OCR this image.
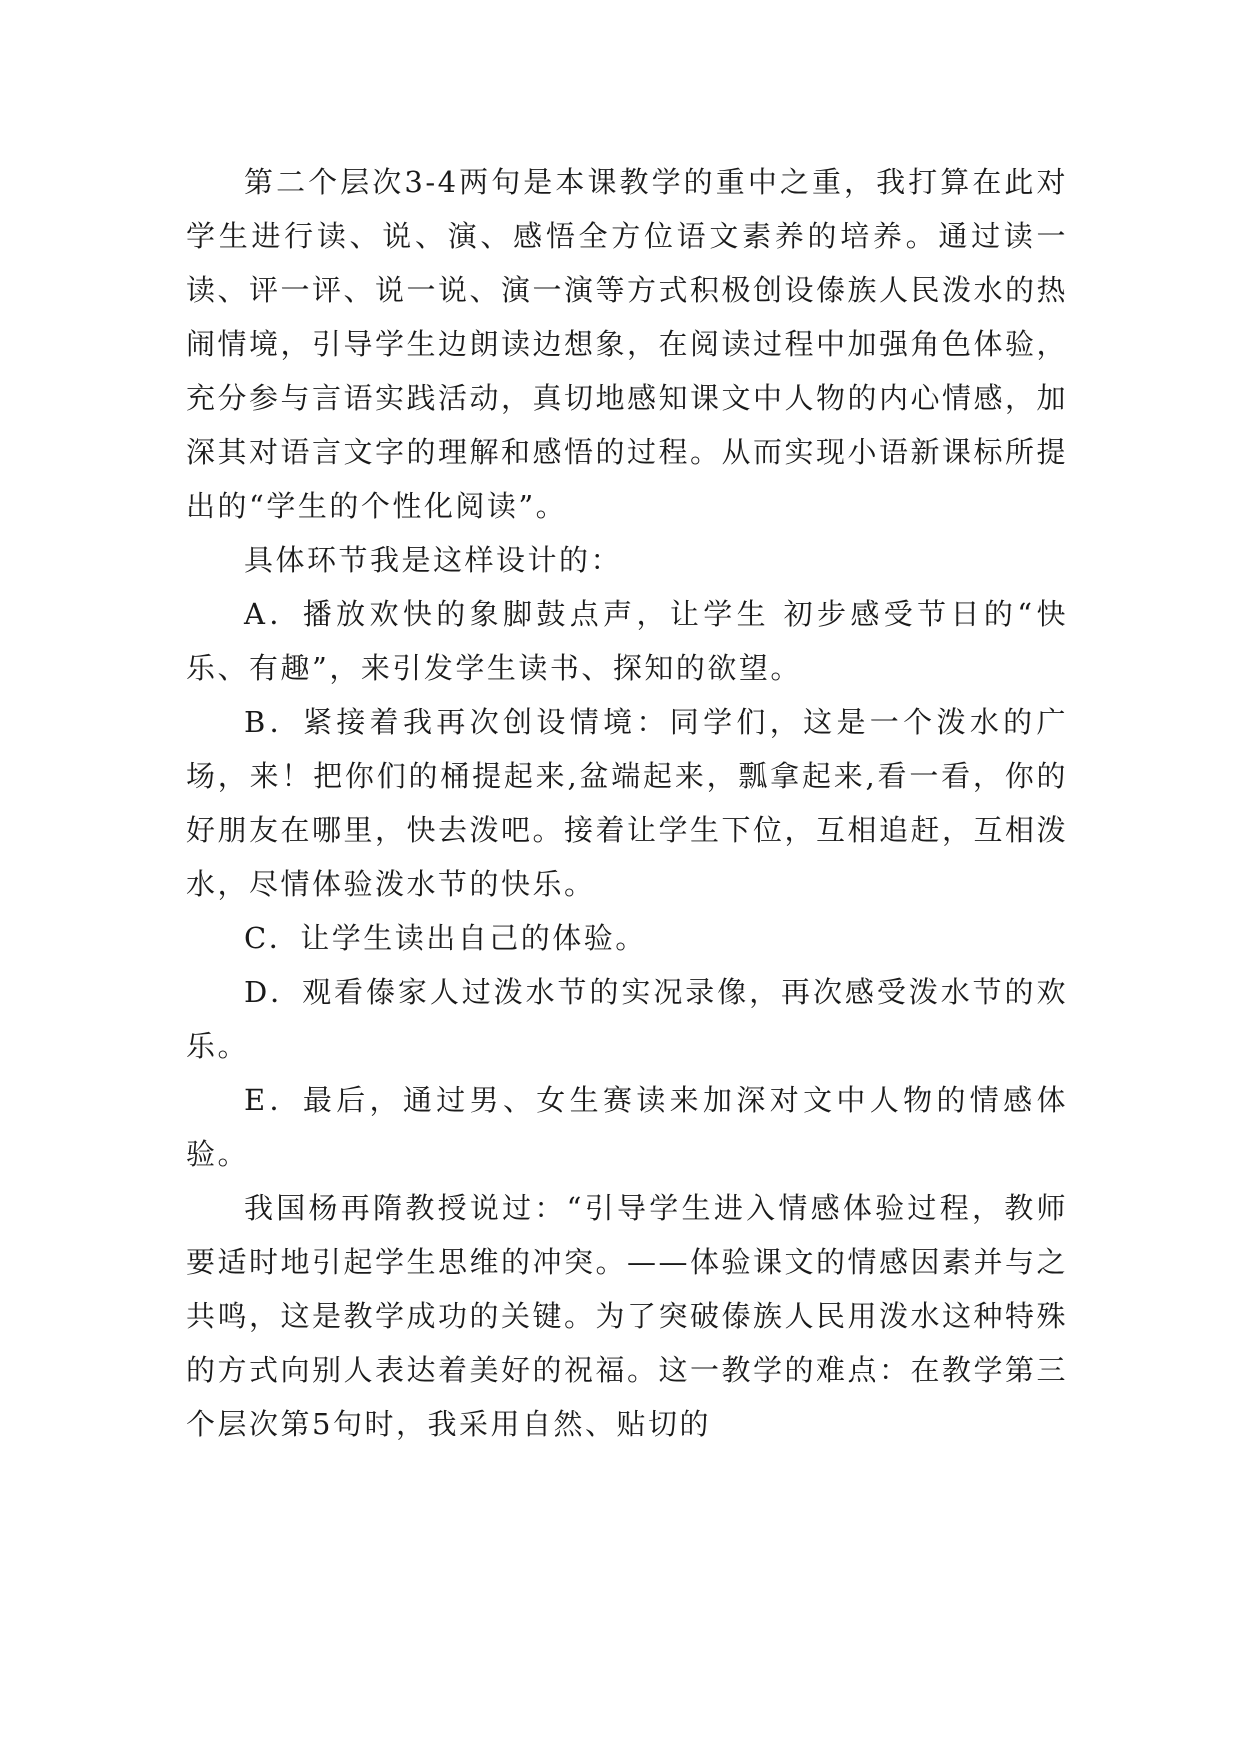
第二个层次3-4两句是本课教学的重中之重，我打算在此对学生进行读、说、演、感悟全方位语文素养的培养。通过读一读、评一评、说一说、演一演等方式积极创设傣族人民泼水的热闹情境，引导学生边朗读边想象，在阅读过程中加强角色体验，充分参与言语实践活动，真切地感知课文中人物的内心情感，加深其对语言文字的理解和感悟的过程。从而实现小语新课标所提出的“学生的个性化阅读”。

具体环节我是这样设计的：

A．播放欢快的象脚鼓点声，让学生 初步感受节日的“快乐、有趣”，来引发学生读书、探知的欲望。

B．紧接着我再次创设情境：同学们，这是一个泼水的广场，来！把你们的桶提起来,盆端起来，瓢拿起来,看一看，你的好朋友在哪里，快去泼吧。接着让学生下位，互相追赶，互相泼水，尽情体验泼水节的快乐。

C．让学生读出自己的体验。

D．观看傣家人过泼水节的实况录像，再次感受泼水节的欢乐。

E．最后，通过男、女生赛读来加深对文中人物的情感体验。

我国杨再隋教授说过：“引导学生进入情感体验过程，教师要适时地引起学生思维的冲突。——体验课文的情感因素并与之共鸣，这是教学成功的关键。为了突破傣族人民用泼水这种特殊的方式向别人表达着美好的祝福。这一教学的难点：在教学第三个层次第5句时，我采用自然、贴切的
